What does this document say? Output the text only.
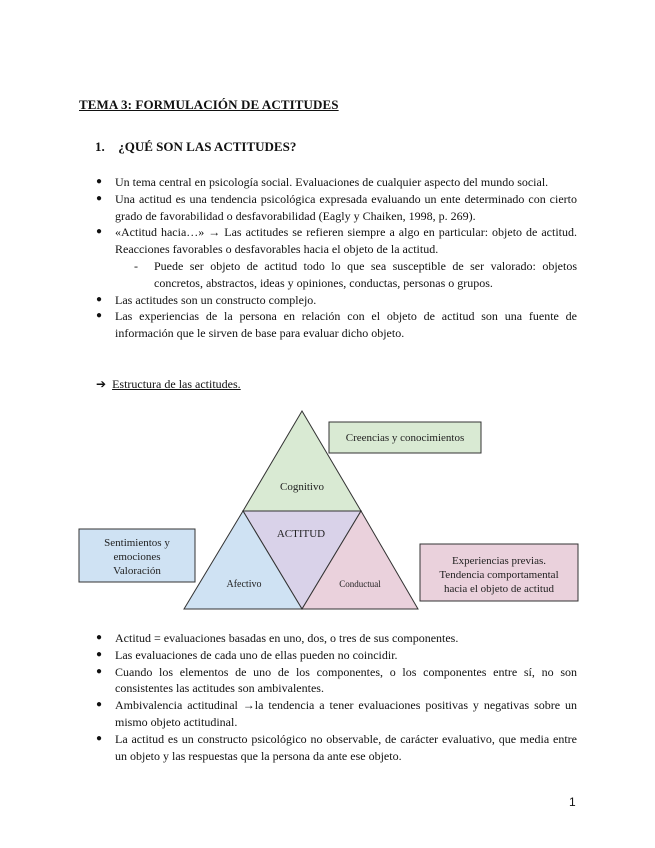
TEMA 3: FORMULACIÓN DE ACTITUDES
1. ¿QUÉ SON LAS ACTITUDES?
● Un tema central en psicología social. Evaluaciones de cualquier aspecto del mundo social.
● Una actitud es una tendencia psicológica expresada evaluando un ente determinado con cierto grado de favorabilidad o desfavorabilidad (Eagly y Chaiken, 1998, p. 269).
● «Actitud hacia…» → Las actitudes se refieren siempre a algo en particular: objeto de actitud. Reacciones favorables o desfavorables hacia el objeto de la actitud.
- Puede ser objeto de actitud todo lo que sea susceptible de ser valorado: objetos concretos, abstractos, ideas y opiniones, conductas, personas o grupos.
● Las actitudes son un constructo complejo.
● Las experiencias de la persona en relación con el objeto de actitud son una fuente de información que le sirven de base para evaluar dicho objeto.
➔ Estructura de las actitudes.
Cognitivo
ACTITUD
Afectivo	Conductual
Creencias y conocimientos
Sentimientos y
emociones
Valoración
Experiencias previas.
Tendencia comportamental
hacia el objeto de actitud
● Actitud = evaluaciones basadas en uno, dos, o tres de sus componentes.
● Las evaluaciones de cada uno de ellas pueden no coincidir.
● Cuando los elementos de uno de los componentes, o los componentes entre sí, no son consistentes las actitudes son ambivalentes.
● Ambivalencia actitudinal →la tendencia a tener evaluaciones positivas y negativas sobre un mismo objeto actitudinal.
● La actitud es un constructo psicológico no observable, de carácter evaluativo, que media entre un objeto y las respuestas que la persona da ante ese objeto.
1
